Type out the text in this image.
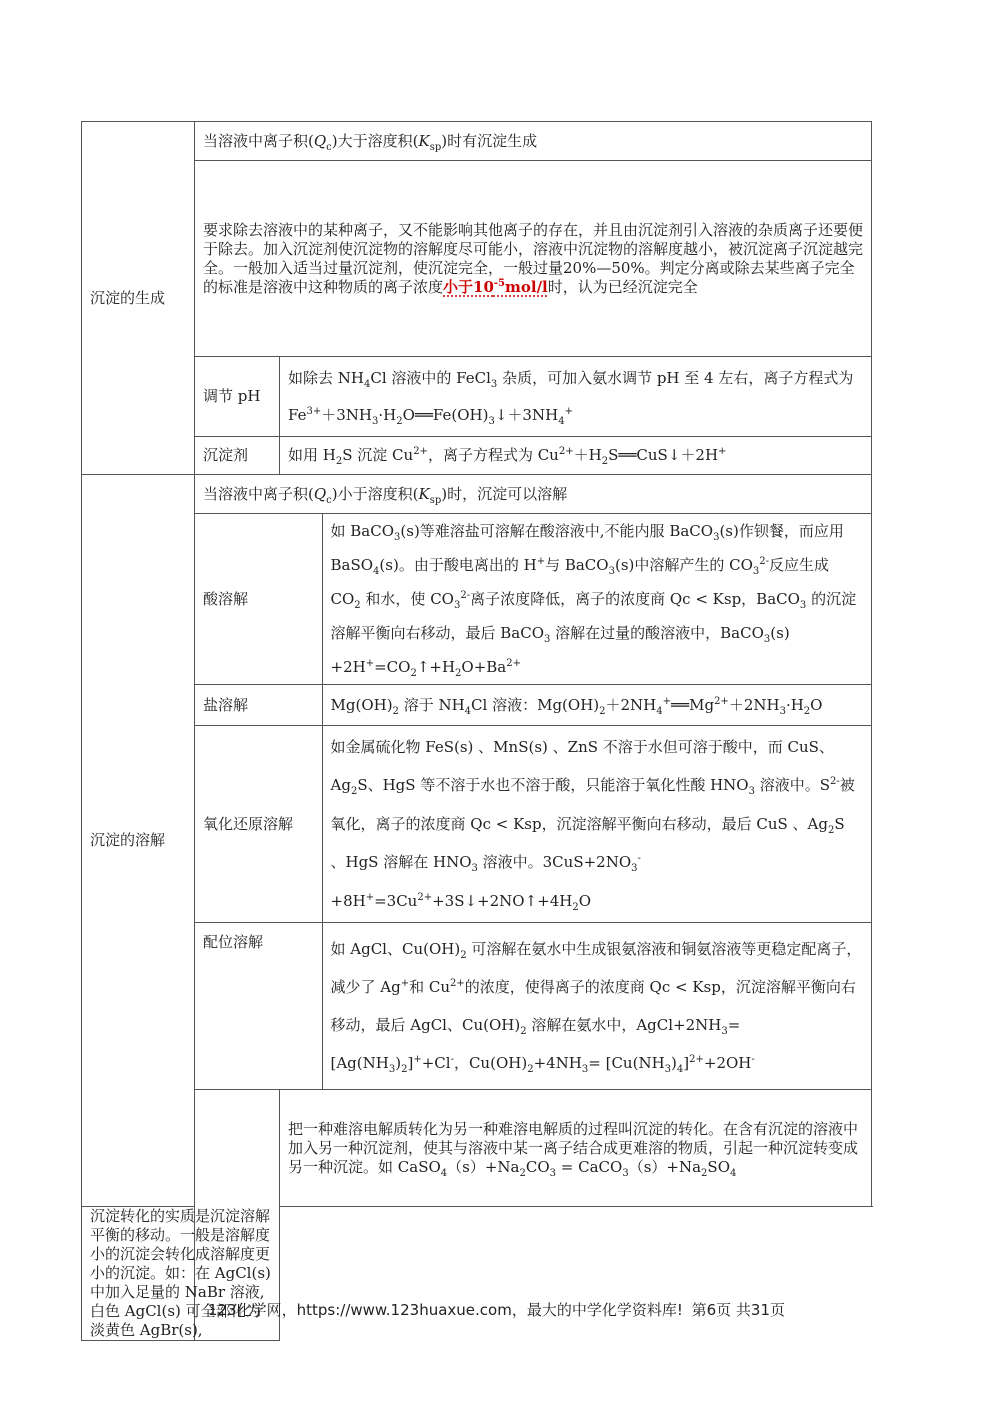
沉淀的生成	当溶液中离子积$(Q_c)$大于溶度积$(K_{sp})$时有沉淀生成
要求除去溶液中的某种离子，又不能影响其他离子的存在，并且由沉淀剂引入溶液的杂质离子还要便于除去。加入沉淀剂使沉淀物的溶解度尽可能小，溶液中沉淀物的溶解度越小，被沉淀离子沉淀越完全。一般加入适当过量沉淀剂，使沉淀完全，一般过量20%—50%。判定分离或除去某些离子完全的标准是溶液中这种物质的离子浓度小于$10^{-5}mol/l$时，认为已经沉淀完全
调节 pH	如除去 $NH_4Cl$ 溶液中的 FeCl$_3$ 杂质，可加入氨水调节 pH 至 4 左右，离子方程式为 $Fe^{3+}+3NH_3\cdot H_2O══Fe(OH)_3↓+3NH_4^+$
沉淀剂	如用 $H_2S$ 沉淀 $Cu^{2+}$，离子方程式为 $Cu^{2+}+H_2S══CuS↓+2H^+$
沉淀的溶解	当溶液中离子积$(Q_c)$小于溶度积$(K_{sp})$时，沉淀可以溶解

酸溶解	如 BaCO$_3$(s)等难溶盐可溶解在酸溶液中,不能内服 BaCO$_3$(s)作钡餐，而应用 BaSO$_4$(s)。由于酸电离出的 H+与 BaCO$_3$(s)中溶解产生的 $CO_3^{2-}$反应生成 $CO_2$ 和水，使 $CO_3^{2-}$离子浓度降低，离子的浓度商 Qc < Ksp，BaCO$_3$ 的沉淀溶解平衡向右移动，最后 BaCO$_3$ 溶解在过量的酸溶液中，BaCO$_3$(s) $+2H^+=CO_2↑+H_2O+Ba^{2+}$

盐溶解	$Mg(OH)_2$ 溶于 $NH_4Cl$ 溶液：$Mg(OH)_2+2NH_4^+══Mg^{2+}+2NH_3\cdot H_2O$

氧化还原溶解	如金属硫化物 FeS(s) 、MnS(s) 、ZnS 不溶于水但可溶于酸中，而 CuS、$Ag_2S$、HgS 等不溶于水也不溶于酸，只能溶于氧化性酸 $HNO_3$ 溶液中。$S^{2-}$被氧化，离子的浓度商 Qc < Ksp，沉淀溶解平衡向右移动，最后 CuS 、$Ag_2S$ 、HgS 溶解在 $HNO_3$ 溶液中。$3CuS+2NO_3^-+8H^+=3Cu^{2+}+3S↓+2NO↑+4H_2O$

配位溶解	如 AgCl、$Cu(OH)_2$ 可溶解在氨水中生成银氨溶液和铜氨溶液等更稳定配离子，减少了 Ag+和 $Cu^{2+}$的浓度，使得离子的浓度商 Qc < Ksp，沉淀溶解平衡向右移动，最后 AgCl、$Cu(OH)_2$ 溶解在氨水中，$AgCl+2NH_3=[Ag(NH_3)_2]^++Cl^-$，$Cu(OH)_2+4NH_3= [Cu(NH_3)_4]^{2+}+2OH^-$

	把一种难溶电解质转化为另一种难溶电解质的过程叫沉淀的转化。在含有沉淀的溶液中加入另一种沉淀剂，使其与溶液中某一离子结合成更难溶的物质，引起一种沉淀转变成另一种沉淀。如 $CaSO_4(s)+Na_2CO_3$ = $CaCO_3(s)+Na_2SO_4$
沉淀转化的实质是沉淀溶解平衡的移动。一般是溶解度小的沉淀会转化成溶解度更小的沉淀。如：在 AgCl(s) 中加入足量的 NaBr 溶液,白色 AgCl(s) 可全部化为淡黄色 AgBr(s),
123化学网，https://www.123huaxue.com，最大的中学化学资料库! 第6页 共31页
